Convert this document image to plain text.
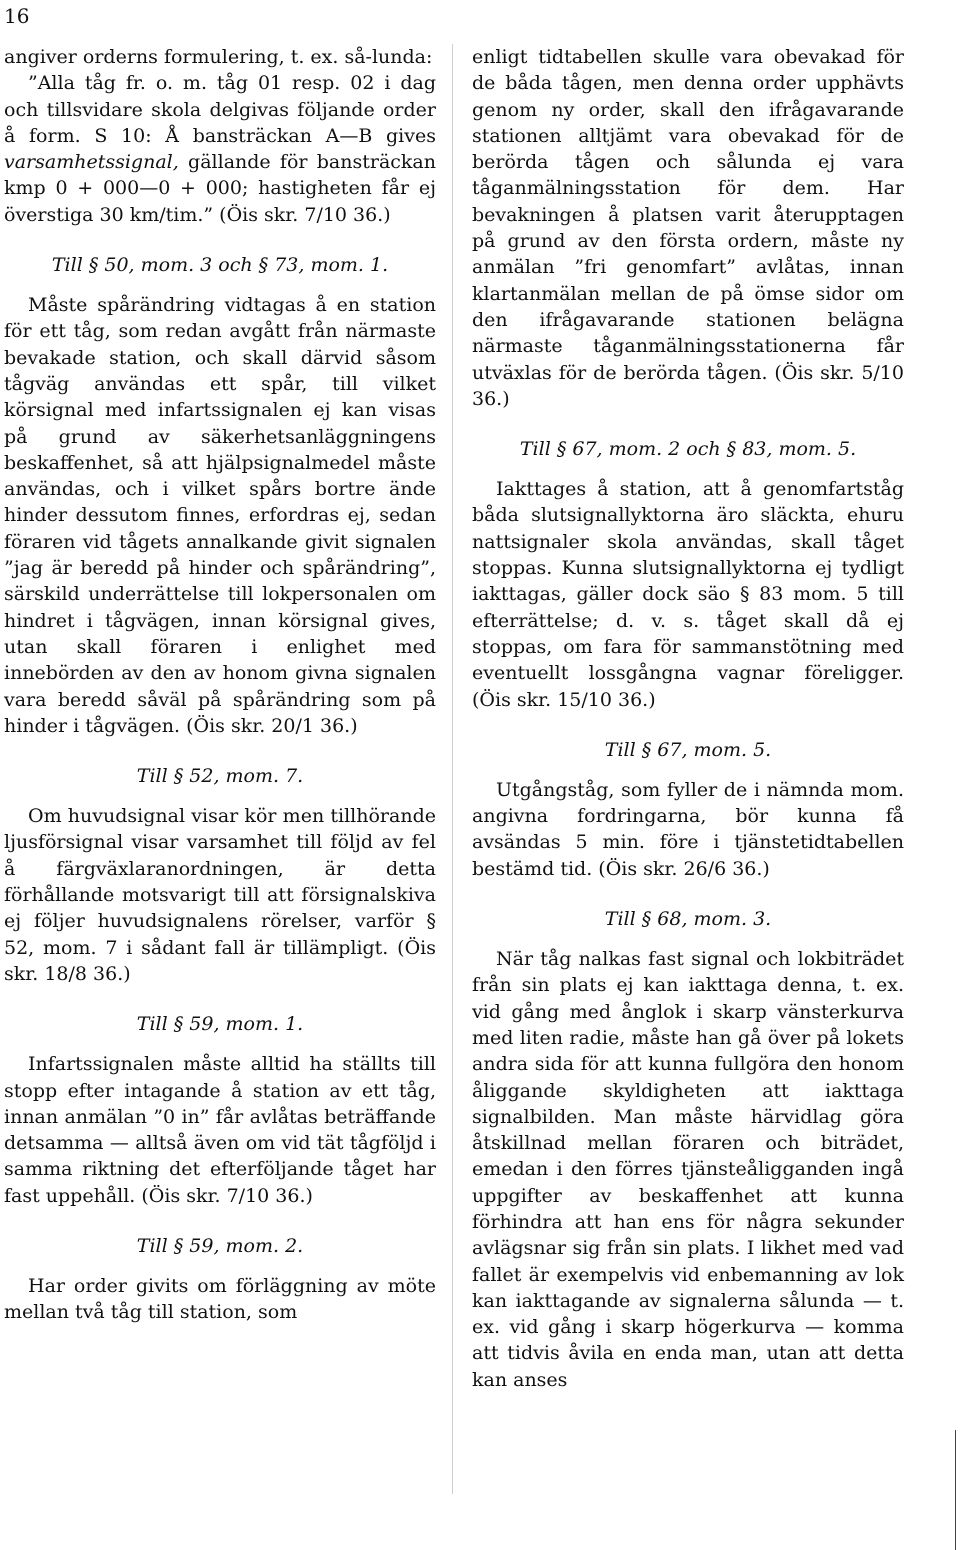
16

angiver orderns formulering, t. ex. så-lunda:

”Alla tåg fr. o. m. tåg 01 resp. 02 i dag och tillsvidare skola delgivas följande order å form. S 10: Å bansträckan A—B gives varsamhetssignal, gällande för bansträckan kmp 0 + 000—0 + 000; hastigheten får ej överstiga 30 km/tim.” (Öis skr. 7/10 36.)

Till § 50, mom. 3 och § 73, mom. 1.

Måste spårändring vidtagas å en station för ett tåg, som redan avgått från närmaste bevakade station, och skall därvid såsom tågväg användas ett spår, till vilket körsignal med infartssignalen ej kan visas på grund av säkerhetsanläggningens beskaffenhet, så att hjälpsignalmedel måste användas, och i vilket spårs bortre ände hinder dessutom finnes, erfordras ej, sedan föraren vid tågets annalkande givit signalen ”jag är beredd på hinder och spårändring”, särskild underrättelse till lokpersonalen om hindret i tågvägen, innan körsignal gives, utan skall föraren i enlighet med innebörden av den av honom givna signalen vara beredd såväl på spårändring som på hinder i tågvägen. (Öis skr. 20/1 36.)

Till § 52, mom. 7.

Om huvudsignal visar kör men tillhörande ljusförsignal visar varsamhet till följd av fel å färgväxlaranordningen, är detta förhållande motsvarigt till att försignalskiva ej följer huvudsignalens rörelser, varför § 52, mom. 7 i sådant fall är tillämpligt. (Öis skr. 18/8 36.)

Till § 59, mom. 1.

Infartssignalen måste alltid ha ställts till stopp efter intagande å station av ett tåg, innan anmälan ”0 in” får avlåtas beträffande detsamma — alltså även om vid tät tågföljd i samma riktning det efterföljande tåget har fast uppehåll. (Öis skr. 7/10 36.)

Till § 59, mom. 2.

Har order givits om förläggning av möte mellan två tåg till station, som

enligt tidtabellen skulle vara obevakad för de båda tågen, men denna order upphävts genom ny order, skall den ifrågavarande stationen alltjämt vara obevakad för de berörda tågen och sålunda ej vara tåganmälningsstation för dem. Har bevakningen å platsen varit återupptagen på grund av den första ordern, måste ny anmälan ”fri genomfart” avlåtas, innan klartanmälan mellan de på ömse sidor om den ifrågavarande stationen belägna närmaste tåganmälningsstationerna får utväxlas för de berörda tågen. (Öis skr. 5/10 36.)

Till § 67, mom. 2 och § 83, mom. 5.

Iakttages å station, att å genomfartståg båda slutsignallyktorna äro släckta, ehuru nattsignaler skola användas, skall tåget stoppas. Kunna slutsignallyktorna ej tydligt iakttagas, gäller dock säo § 83 mom. 5 till efterrättelse; d. v. s. tåget skall då ej stoppas, om fara för sammanstötning med eventuellt lossgångna vagnar föreligger. (Öis skr. 15/10 36.)

Till § 67, mom. 5.

Utgångståg, som fyller de i nämnda mom. angivna fordringarna, bör kunna få avsändas 5 min. före i tjänstetidtabellen bestämd tid. (Öis skr. 26/6 36.)

Till § 68, mom. 3.

När tåg nalkas fast signal och lokbiträdet från sin plats ej kan iakttaga denna, t. ex. vid gång med ånglok i skarp vänsterkurva med liten radie, måste han gå över på lokets andra sida för att kunna fullgöra den honom åliggande skyldigheten att iakttaga signalbilden. Man måste härvidlag göra åtskillnad mellan föraren och biträdet, emedan i den förres tjänsteåligganden ingå uppgifter av beskaffenhet att kunna förhindra att han ens för några sekunder avlägsnar sig från sin plats. I likhet med vad fallet är exempelvis vid enbemanning av lok kan iakttagande av signalerna sålunda — t. ex. vid gång i skarp högerkurva — komma att tidvis åvila en enda man, utan att detta kan anses
